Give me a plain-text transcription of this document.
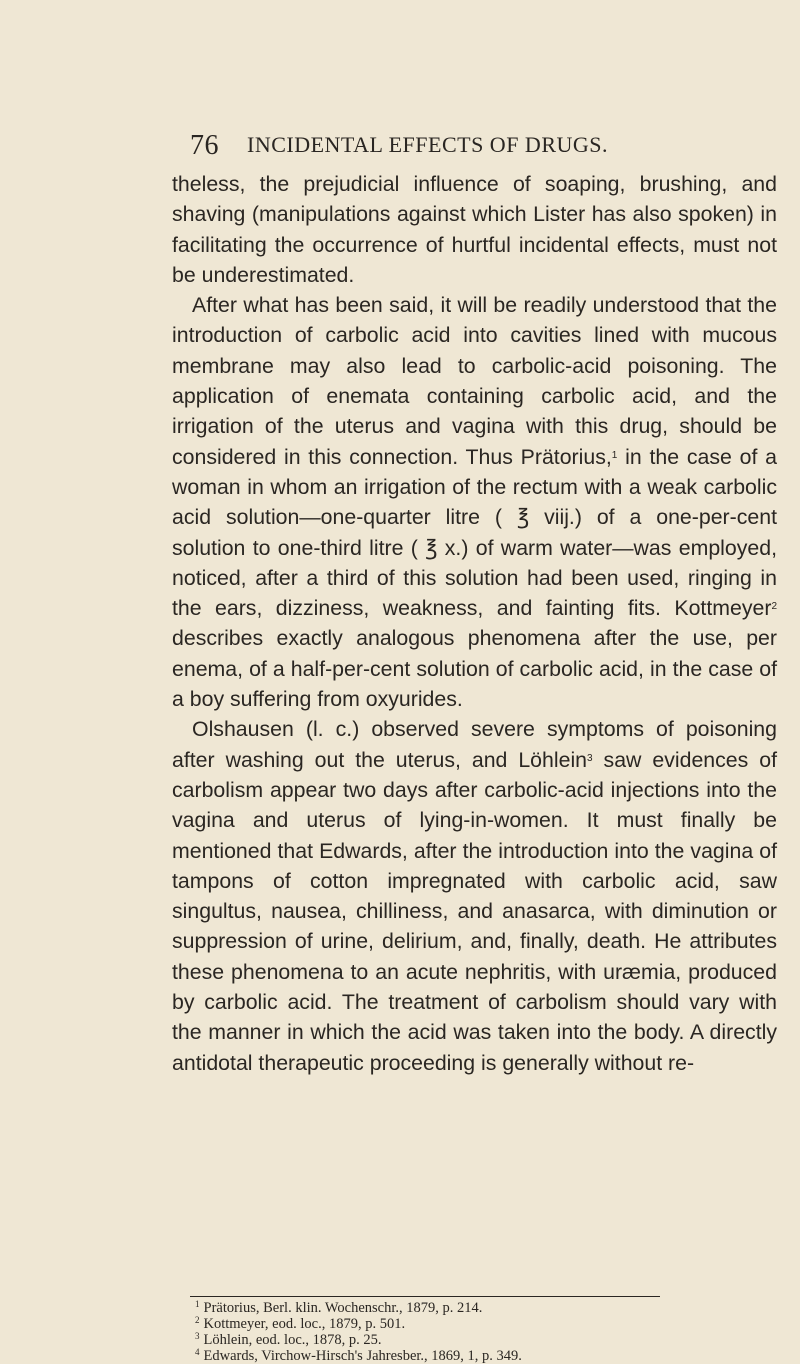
76 INCIDENTAL EFFECTS OF DRUGS.

theless, the prejudicial influence of soaping, brushing, and shaving (manipulations against which Lister has also spoken) in facilitating the occurrence of hurtful incidental effects, must not be underestimated.

After what has been said, it will be readily understood that the introduction of carbolic acid into cavities lined with mucous membrane may also lead to carbolic-acid poisoning. The application of enemata containing carbolic acid, and the irrigation of the uterus and vagina with this drug, should be considered in this connection. Thus Prätorius,$^1$ in the case of a woman in whom an irrigation of the rectum with a weak carbolic acid solution—one-quarter litre ( ℥ viij.) of a one-per-cent solution to one-third litre ( ℥ x.) of warm water—was employed, noticed, after a third of this solution had been used, ringing in the ears, dizziness, weakness, and fainting fits. Kottmeyer$^2$ describes exactly analogous phenomena after the use, per enema, of a half-per-cent solution of carbolic acid, in the case of a boy suffering from oxyurides.

Olshausen (l. c.) observed severe symptoms of poisoning after washing out the uterus, and Löhlein$^3$ saw evidences of carbolism appear two days after carbolic-acid injections into the vagina and uterus of lying-in-women. It must finally be mentioned that Edwards, after the introduction into the vagina of tampons of cotton impregnated with carbolic acid, saw singultus, nausea, chilliness, and anasarca, with diminution or suppression of urine, delirium, and, finally, death. He attributes these phenomena to an acute nephritis, with uræmia, produced by carbolic acid. The treatment of carbolism should vary with the manner in which the acid was taken into the body. A directly antidotal therapeutic proceeding is generally without re-

$^1$ Prätorius, Berl. klin. Wochenschr., 1879, p. 214.
$^2$ Kottmeyer, eod. loc., 1879, p. 501.
$^3$ Löhlein, eod. loc., 1878, p. 25.
$^4$ Edwards, Virchow-Hirsch's Jahresber., 1869, 1, p. 349.
